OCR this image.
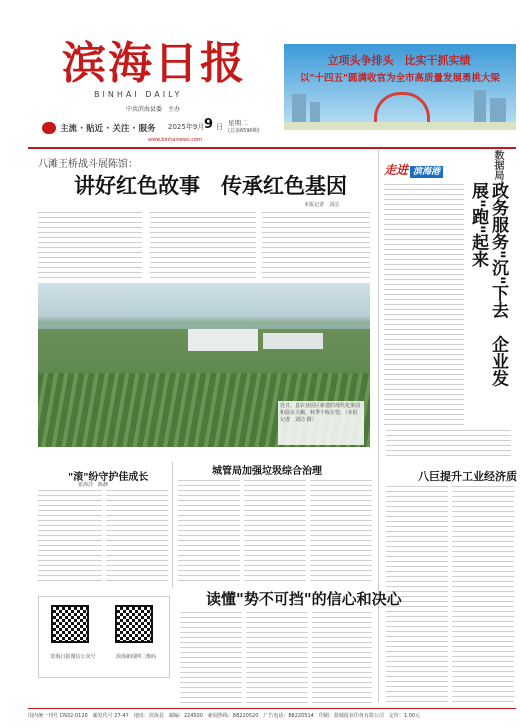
滨海日报
BINHAI DAILY
中共滨海县委　主办
主流 · 贴近 · 关注 · 服务 2025年9月 9 日 星期二
(总第6590期)
www.binhainews.com
立项头争排头　比实干抓实绩
以"十四五"圆满收官为全市高质量发展勇挑大梁
八滩王桥战斗展陈馆：
讲好红色故事　传承红色基因
本报记者　刘洁
近日，县农业园区新建的现代化果园和温室大棚，秋季丰收在望。（本报记者　刘洁 摄）
走进 滨海港	数据局：
政务服务"沉"下去　企业发展"跑"起来
八巨提升工业经济质
"滚"纷守护佳成长
张海洋　陈静
城管局加强垃圾综合治理
滨海日报微信公众号	滨海新闻网二维码
读懂"势不可挡"的信心和决心
国内统一刊号 CN32-0120　邮发代号 27-47　地址：滨海县　邮编：224500　新闻热线：88220520　广告电话：88220514　印刷：盐城报业印务有限公司　定价：1.00元
